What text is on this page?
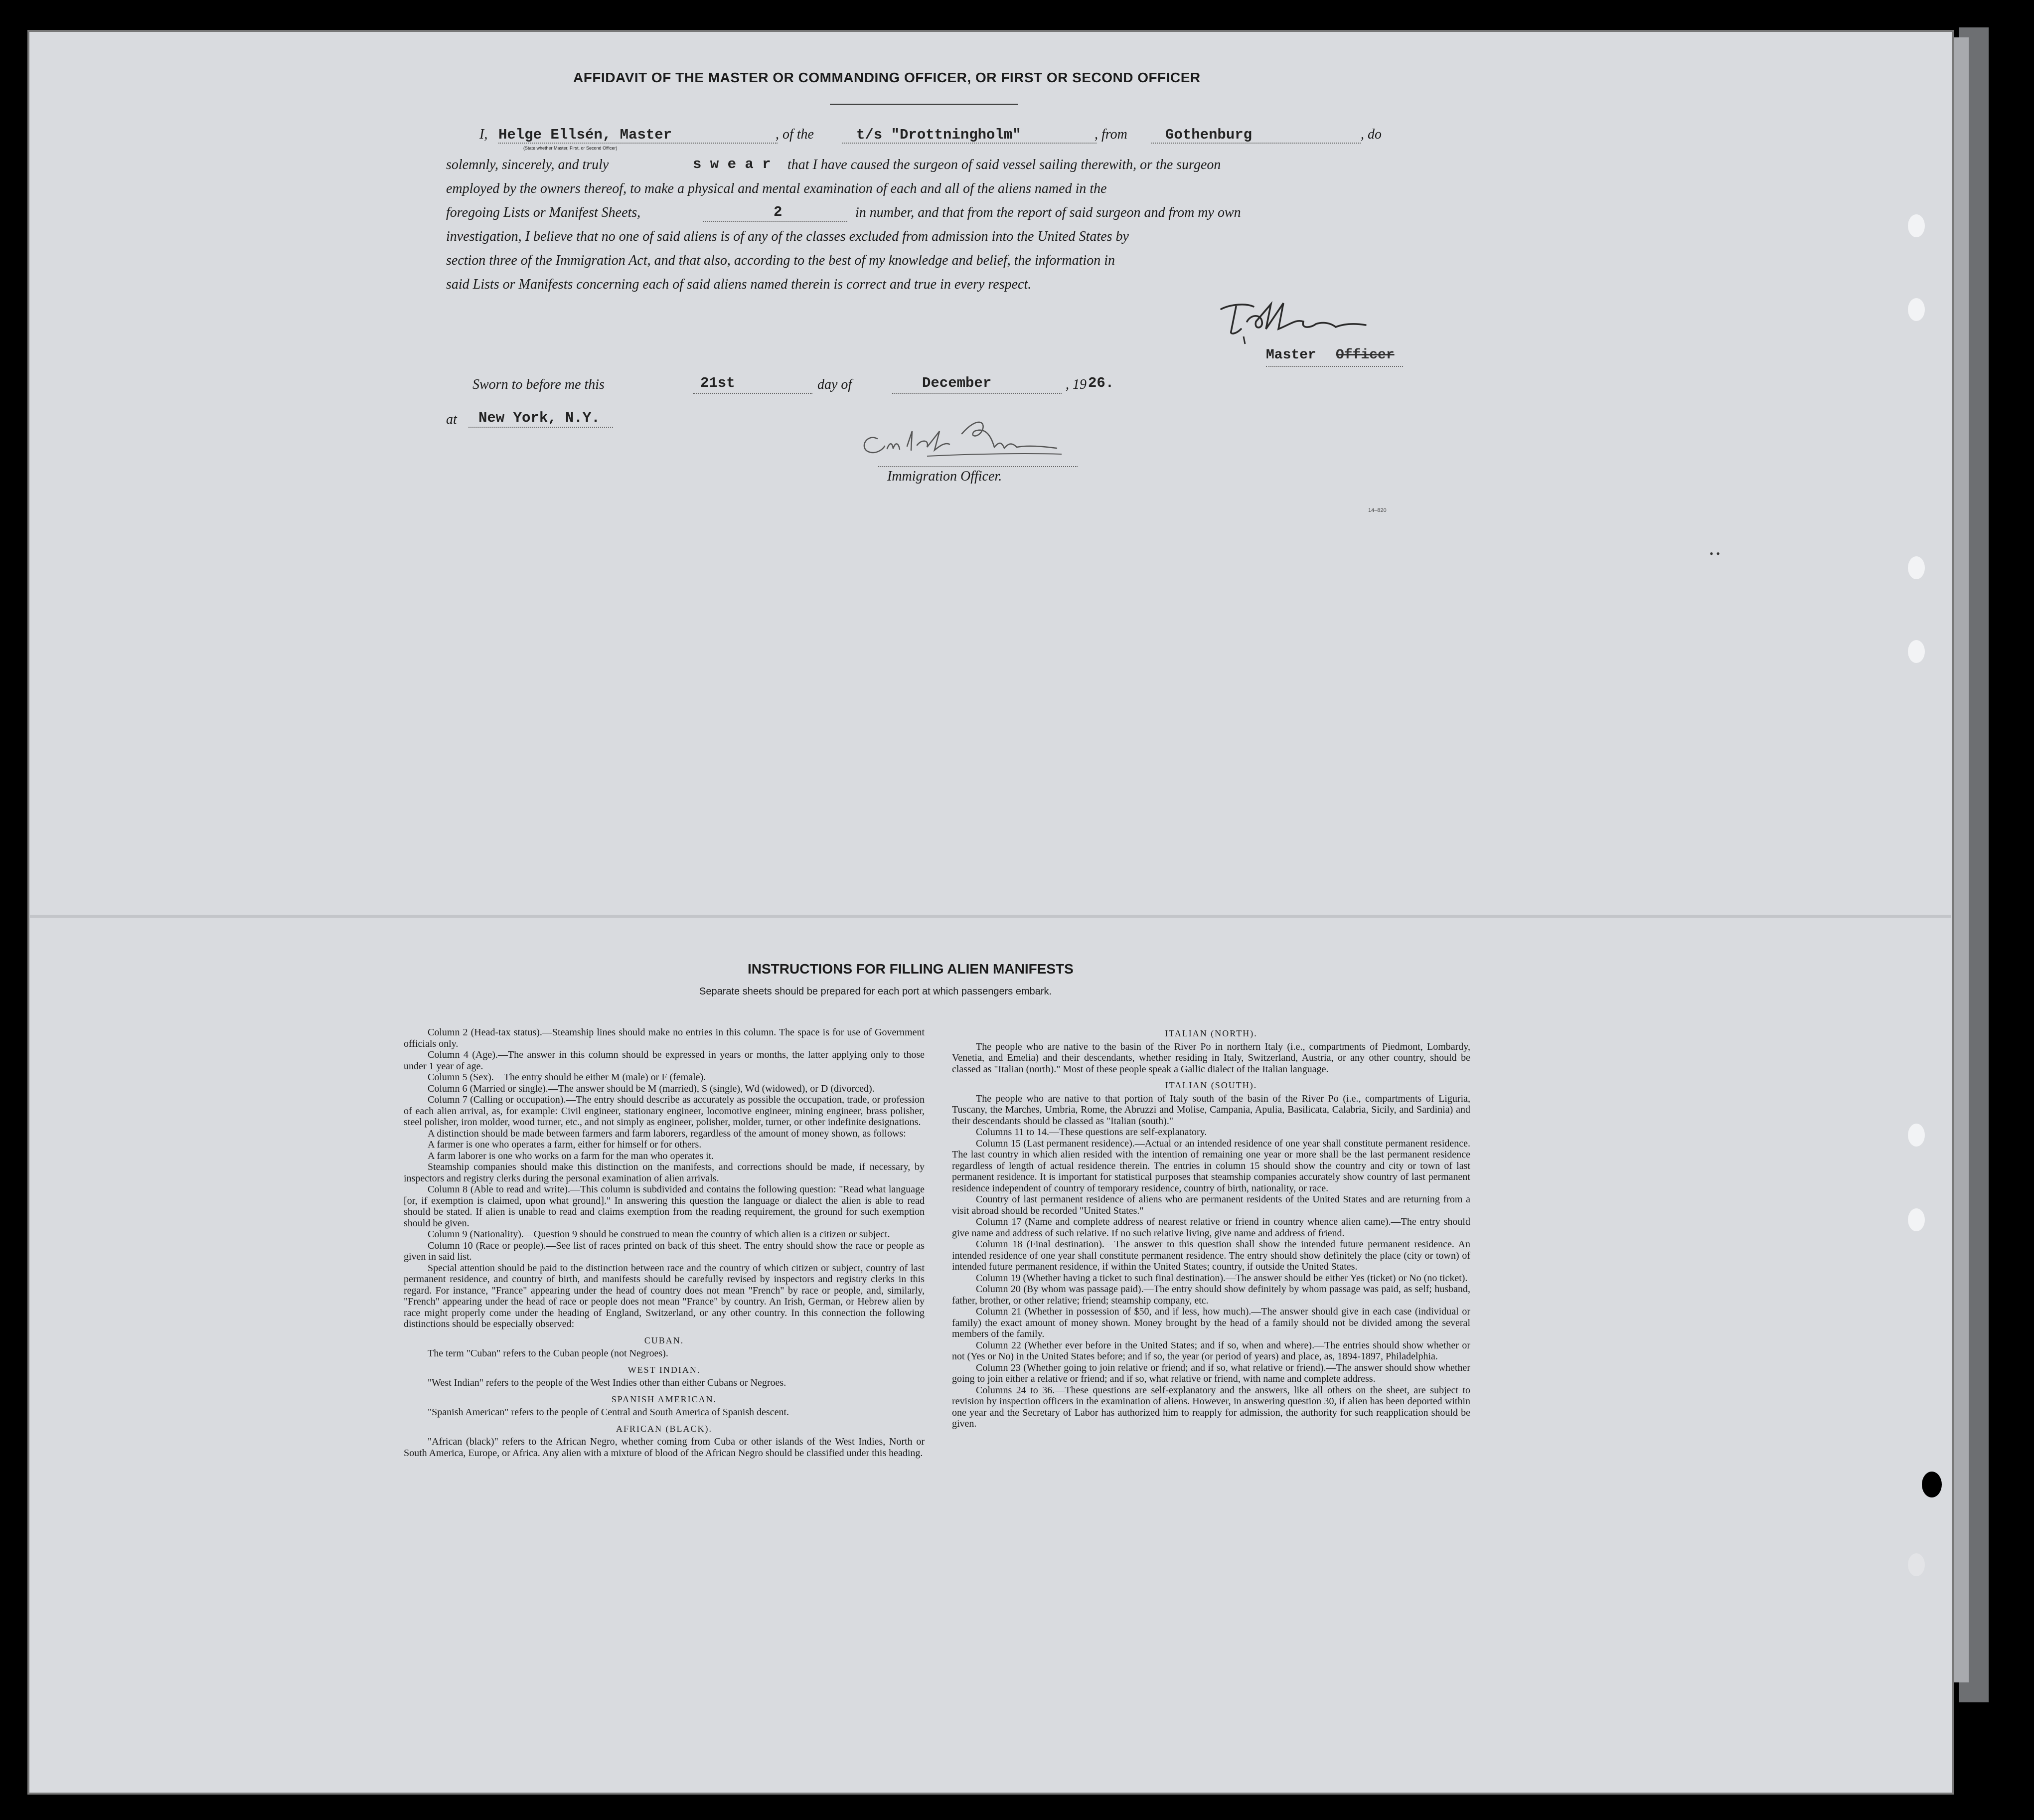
• •
AFFIDAVIT OF THE MASTER OR COMMANDING OFFICER, OR FIRST OR SECOND OFFICER
I, Helge Ellsén, Master
(State whether Master, First, or Second Officer)
, of the	t/s "Drottningholm"	, from	Gothenburg	, do
solemnly, sincerely, and truly	s w e a r that I have caused the surgeon of said vessel sailing therewith, or the surgeon
employed by the owners thereof, to make a physical and mental examination of each and all of the aliens named in the
foregoing Lists or Manifest Sheets,	2	in number, and that from the report of said surgeon and from my own
investigation, I believe that no one of said aliens is of any of the classes excluded from admission into the United States by
section three of the Immigration Act, and that also, according to the best of my knowledge and belief, the information in
said Lists or Manifests concerning each of said aliens named therein is correct and true in every respect.
Master Officer
Sworn to before me this	21st	day of	December	, 19 26.
at New York, N.Y.
Immigration Officer.
14–820
INSTRUCTIONS FOR FILLING ALIEN MANIFESTS
Separate sheets should be prepared for each port at which passengers embark.

Column 2 (Head-tax status).—Steamship lines should make no entries in this column. The space is for use of Government officials only.

Column 4 (Age).—The answer in this column should be expressed in years or months, the latter applying only to those under 1 year of age.

Column 5 (Sex).—The entry should be either M (male) or F (female).

Column 6 (Married or single).—The answer should be M (married), S (single), Wd (widowed), or D (divorced).

Column 7 (Calling or occupation).—The entry should describe as accurately as possible the occupation, trade, or profession of each alien arrival, as, for example: Civil engineer, stationary engineer, locomotive engineer, mining engineer, brass polisher, steel polisher, iron molder, wood turner, etc., and not simply as engineer, polisher, molder, turner, or other indefinite designations.

A distinction should be made between farmers and farm laborers, regardless of the amount of money shown, as follows:

A farmer is one who operates a farm, either for himself or for others.

A farm laborer is one who works on a farm for the man who operates it.

Steamship companies should make this distinction on the manifests, and corrections should be made, if necessary, by inspectors and registry clerks during the personal examination of alien arrivals.

Column 8 (Able to read and write).—This column is subdivided and contains the following question: "Read what language [or, if exemption is claimed, upon what ground]." In answering this question the language or dialect the alien is able to read should be stated. If alien is unable to read and claims exemption from the reading requirement, the ground for such exemption should be given.

Column 9 (Nationality).—Question 9 should be construed to mean the country of which alien is a citizen or subject.

Column 10 (Race or people).—See list of races printed on back of this sheet. The entry should show the race or people as given in said list.

Special attention should be paid to the distinction between race and the country of which citizen or subject, country of last permanent residence, and country of birth, and manifests should be carefully revised by inspectors and registry clerks in this regard. For instance, "France" appearing under the head of country does not mean "French" by race or people, and, similarly, "French" appearing under the head of race or people does not mean "France" by country. An Irish, German, or Hebrew alien by race might properly come under the heading of England, Switzerland, or any other country. In this connection the following distinctions should be especially observed:

CUBAN.

The term "Cuban" refers to the Cuban people (not Negroes).

WEST INDIAN.

"West Indian" refers to the people of the West Indies other than either Cubans or Negroes.

SPANISH AMERICAN.

"Spanish American" refers to the people of Central and South America of Spanish descent.

AFRICAN (BLACK).

"African (black)" refers to the African Negro, whether coming from Cuba or other islands of the West Indies, North or South America, Europe, or Africa. Any alien with a mixture of blood of the African Negro should be classified under this heading.

ITALIAN (NORTH).

The people who are native to the basin of the River Po in northern Italy (i.e., compartments of Piedmont, Lombardy, Venetia, and Emelia) and their descendants, whether residing in Italy, Switzerland, Austria, or any other country, should be classed as "Italian (north)." Most of these people speak a Gallic dialect of the Italian language.

ITALIAN (SOUTH).

The people who are native to that portion of Italy south of the basin of the River Po (i.e., compartments of Liguria, Tuscany, the Marches, Umbria, Rome, the Abruzzi and Molise, Campania, Apulia, Basilicata, Calabria, Sicily, and Sardinia) and their descendants should be classed as "Italian (south)."

Columns 11 to 14.—These questions are self-explanatory.

Column 15 (Last permanent residence).—Actual or an intended residence of one year shall constitute permanent residence. The last country in which alien resided with the intention of remaining one year or more shall be the last permanent residence regardless of length of actual residence therein. The entries in column 15 should show the country and city or town of last permanent residence. It is important for statistical purposes that steamship companies accurately show country of last permanent residence independent of country of temporary residence, country of birth, nationality, or race.

Country of last permanent residence of aliens who are permanent residents of the United States and are returning from a visit abroad should be recorded "United States."

Column 17 (Name and complete address of nearest relative or friend in country whence alien came).—The entry should give name and address of such relative. If no such relative living, give name and address of friend.

Column 18 (Final destination).—The answer to this question shall show the intended future permanent residence. An intended residence of one year shall constitute permanent residence. The entry should show definitely the place (city or town) of intended future permanent residence, if within the United States; country, if outside the United States.

Column 19 (Whether having a ticket to such final destination).—The answer should be either Yes (ticket) or No (no ticket).

Column 20 (By whom was passage paid).—The entry should show definitely by whom passage was paid, as self; husband, father, brother, or other relative; friend; steamship company, etc.

Column 21 (Whether in possession of $50, and if less, how much).—The answer should give in each case (individual or family) the exact amount of money shown. Money brought by the head of a family should not be divided among the several members of the family.

Column 22 (Whether ever before in the United States; and if so, when and where).—The entries should show whether or not (Yes or No) in the United States before; and if so, the year (or period of years) and place, as, 1894-1897, Philadelphia.

Column 23 (Whether going to join relative or friend; and if so, what relative or friend).—The answer should show whether going to join either a relative or friend; and if so, what relative or friend, with name and complete address.

Columns 24 to 36.—These questions are self-explanatory and the answers, like all others on the sheet, are subject to revision by inspection officers in the examination of aliens. However, in answering question 30, if alien has been deported within one year and the Secretary of Labor has authorized him to reapply for admission, the authority for such reapplication should be given.
